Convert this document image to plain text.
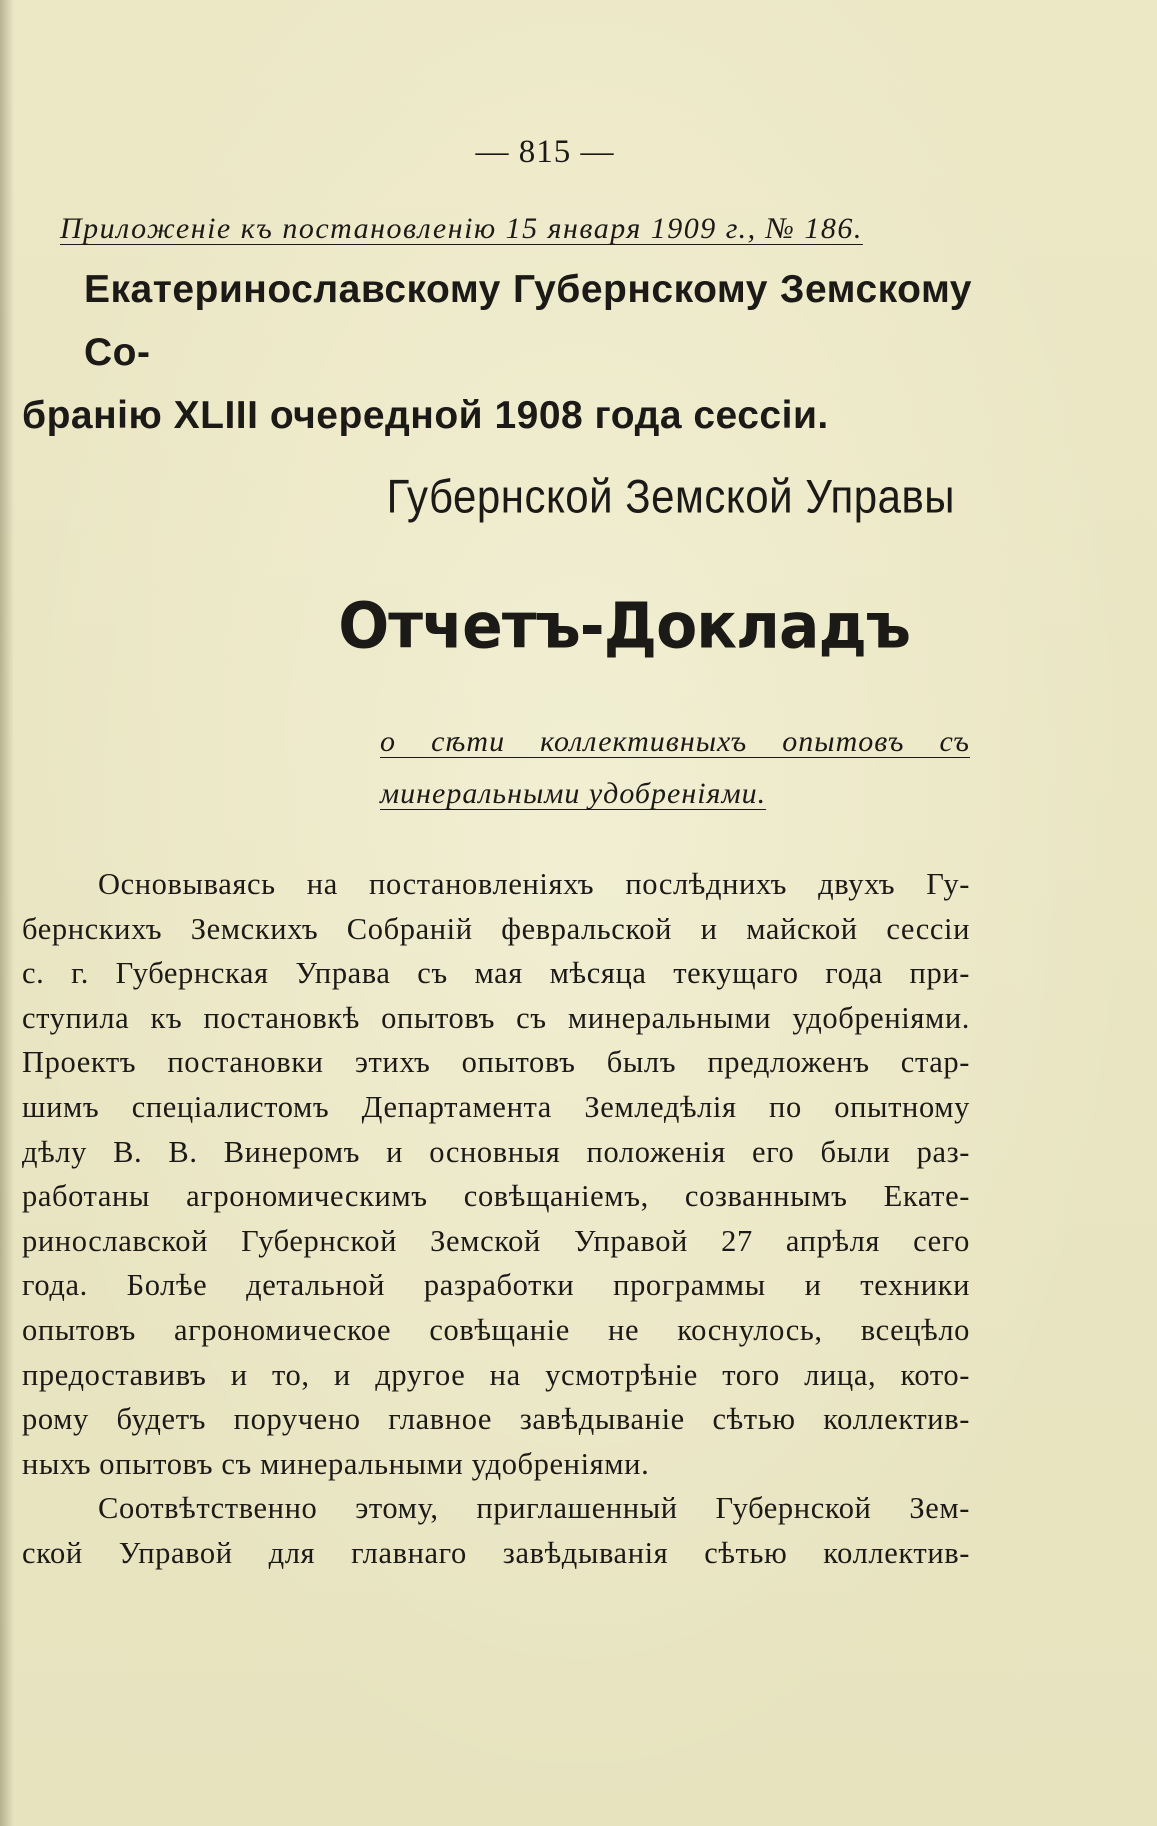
— 815 —
Приложенiе къ постановленiю 15 января 1909 г., № 186.
Екатеринославскому Губернскому Земскому Со-
бранiю XLIII очередной 1908 года сессiи.
Губернской Земской Управы
Отчетъ-Докладъ
о сѣти коллективныхъ опытовъ съ
минеральными удобренiями.
Основываясь на постановленiяхъ послѣднихъ двухъ Гу-
бернскихъ Земскихъ Собранiй февральской и майской сессiи
с. г. Губернская Управа съ мая мѣсяца текущаго года при-
ступила къ постановкѣ опытовъ съ минеральными удобренiями.
Проектъ постановки этихъ опытовъ былъ предложенъ стар-
шимъ спецiалистомъ Департамента Земледѣлiя по опытному
дѣлу В. В. Винеромъ и основныя положенiя его были раз-
работаны агрономическимъ совѣщанiемъ, созваннымъ Екате-
ринославской Губернской Земской Управой 27 апрѣля сего
года. Болѣе детальной разработки программы и техники
опытовъ агрономическое совѣщанiе не коснулось, всецѣло
предоставивъ и то, и другое на усмотрѣнiе того лица, кото-
рому будетъ поручено главное завѣдыванiе сѣтью коллектив-
ныхъ опытовъ съ минеральными удобренiями.
Соотвѣтственно этому, приглашенный Губернской Зем-
ской Управой для главнаго завѣдыванiя сѣтью коллектив-
